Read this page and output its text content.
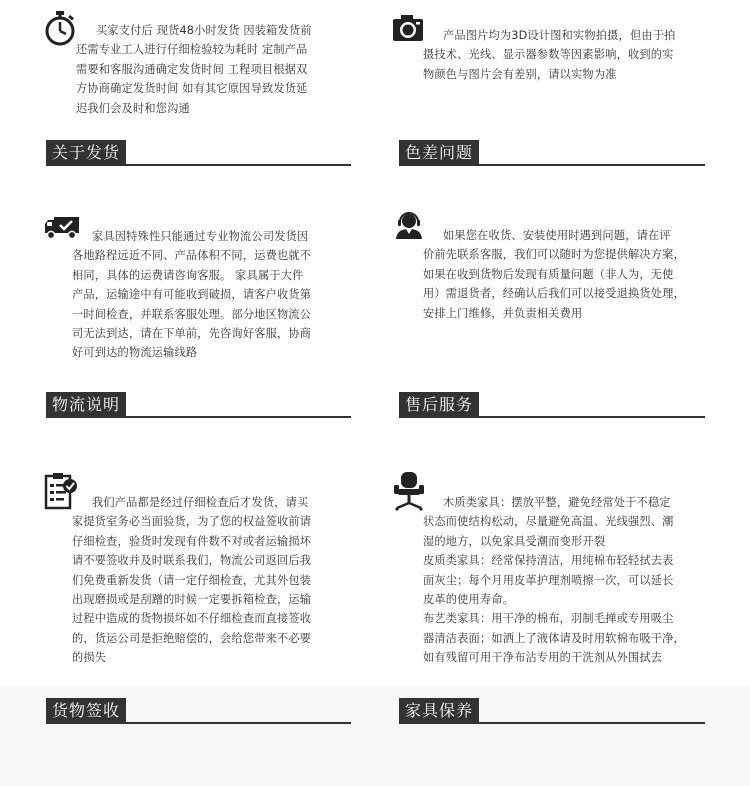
买家支付后 现货48小时发货 因装箱发货前
还需专业工人进行仔细检验较为耗时 定制产品
需要和客服沟通确定发货时间 工程项目根据双
方协商确定发货时间 如有其它原因导致发货延
迟我们会及时和您沟通

关于发货

产品图片均为3D设计图和实物拍摄，但由于拍
摄技术、光线、显示器参数等因素影响，收到的实
物颜色与图片会有差别，请以实物为准

色差问题

家具因特殊性只能通过专业物流公司发货因
各地路程远近不同、产品体积不同，运费也就不
相同，具体的运费请咨询客服。 家具属于大件
产品，运输途中有可能收到破损，请客户收货第
一时间检查，并联系客服处理。部分地区物流公
司无法到达，请在下单前，先咨询好客服，协商
好可到达的物流运输线路

物流说明

如果您在收货、安装使用时遇到问题，请在评
价前先联系客服，我们可以随时为您提供解决方案，
如果在收到货物后发现有质量问题（非人为，无使
用）需退货者，经确认后我们可以接受退换货处理，
安排上门维修，并负责相关费用

售后服务

我们产品都是经过仔细检查后才发货，请买
家提货室务必当面验货，为了您的权益签收前请
仔细检查，验货时发现有件数不对或者运输损坏
请不要签收并及时联系我们，物流公司返回后我
们免费重新发货（请一定仔细检查，尤其外包装
出现磨损或是刮蹭的时候一定要拆箱检查，运输
过程中造成的货物损坏如不仔细检查而直接签收
的，货运公司是拒绝赔偿的，会给您带来不必要
的损失

货物签收

木质类家具：摆放平整，避免经常处于不稳定
状态而使结构松动，尽量避免高温、光线强烈、潮
湿的地方，以免家具受潮而变形开裂
皮质类家具：经常保持清洁，用纯棉布轻轻拭去表
面灰尘；每个月用皮革护理剂喷擦一次，可以延长
皮革的使用寿命。
布艺类家具：用干净的棉布，羽制毛掸或专用吸尘
器清洁表面；如洒上了液体请及时用软棉布吸干净，
如有残留可用干净布沾专用的干洗剂从外围拭去

家具保养
